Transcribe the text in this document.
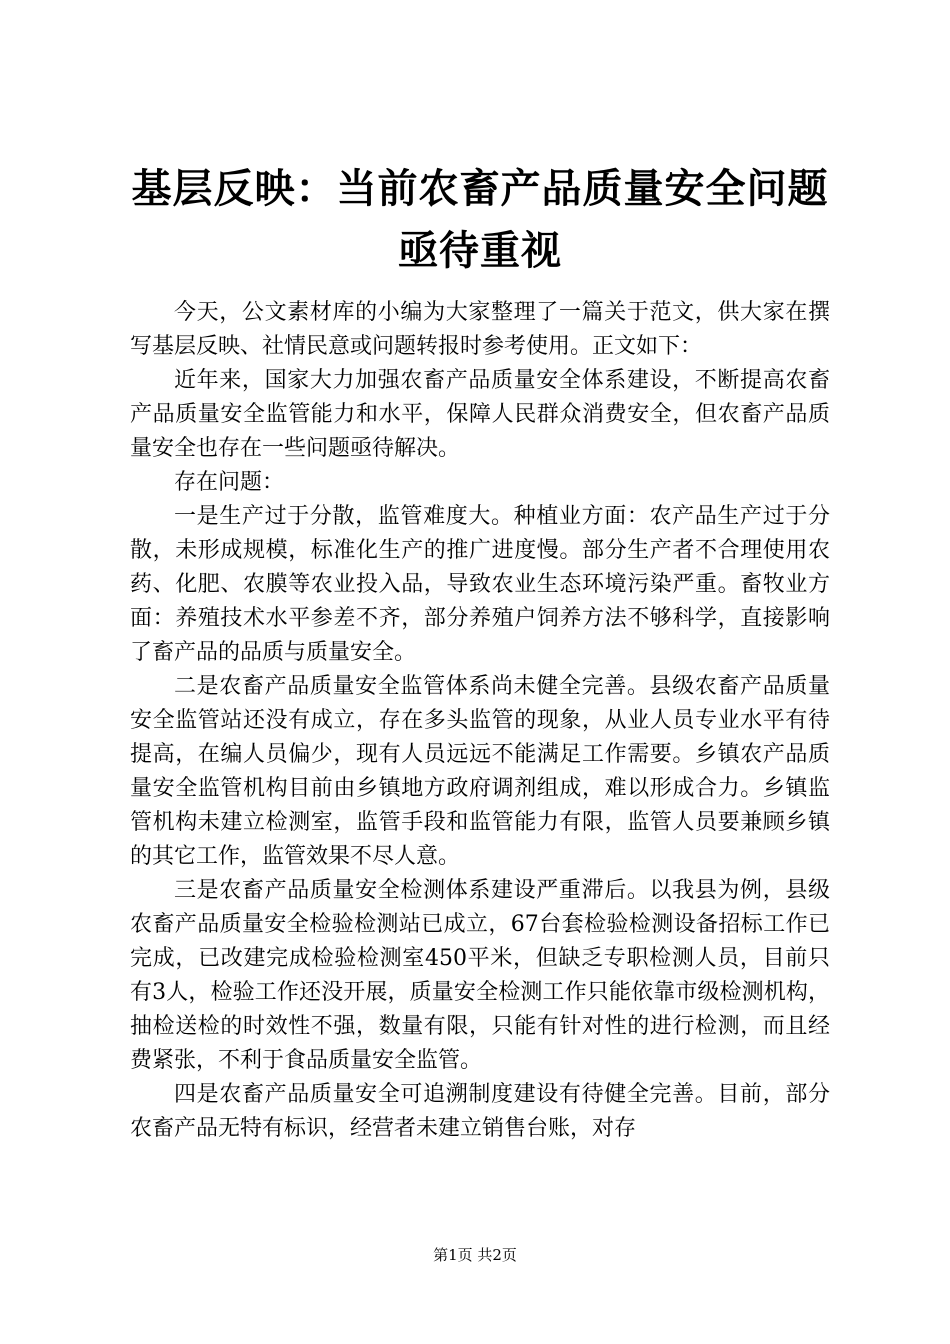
基层反映：当前农畜产品质量安全问题亟待重视

今天，公文素材库的小编为大家整理了一篇关于范文，供大家在撰写基层反映、社情民意或问题转报时参考使用。正文如下：

近年来，国家大力加强农畜产品质量安全体系建设，不断提高农畜产品质量安全监管能力和水平，保障人民群众消费安全，但农畜产品质量安全也存在一些问题亟待解决。

存在问题：

一是生产过于分散，监管难度大。种植业方面：农产品生产过于分散，未形成规模，标准化生产的推广进度慢。部分生产者不合理使用农药、化肥、农膜等农业投入品，导致农业生态环境污染严重。畜牧业方面：养殖技术水平参差不齐，部分养殖户饲养方法不够科学，直接影响了畜产品的品质与质量安全。

二是农畜产品质量安全监管体系尚未健全完善。县级农畜产品质量安全监管站还没有成立，存在多头监管的现象，从业人员专业水平有待提高，在编人员偏少，现有人员远远不能满足工作需要。乡镇农产品质量安全监管机构目前由乡镇地方政府调剂组成，难以形成合力。乡镇监管机构未建立检测室，监管手段和监管能力有限，监管人员要兼顾乡镇的其它工作，监管效果不尽人意。

三是农畜产品质量安全检测体系建设严重滞后。以我县为例，县级农畜产品质量安全检验检测站已成立，67台套检验检测设备招标工作已完成，已改建完成检验检测室450平米，但缺乏专职检测人员，目前只有3人，检验工作还没开展，质量安全检测工作只能依靠市级检测机构，抽检送检的时效性不强，数量有限，只能有针对性的进行检测，而且经费紧张，不利于食品质量安全监管。

四是农畜产品质量安全可追溯制度建设有待健全完善。目前，部分农畜产品无特有标识，经营者未建立销售台账，对存

第1页 共2页
